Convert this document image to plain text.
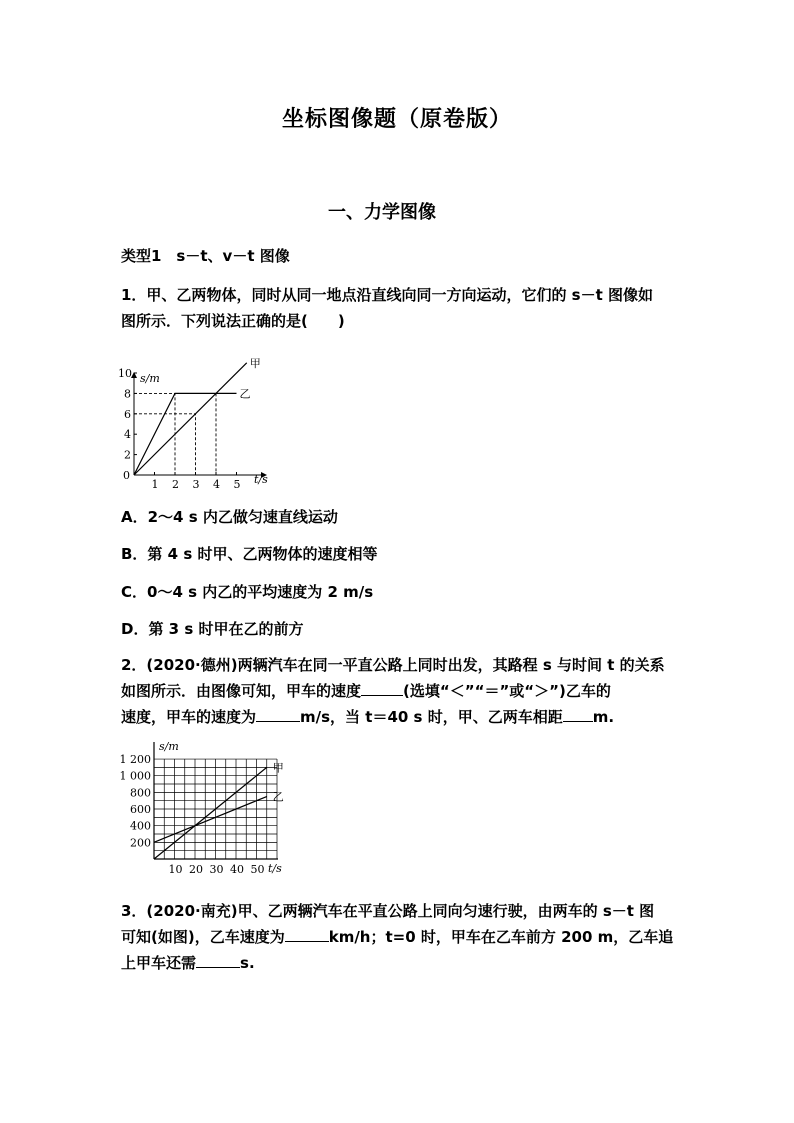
坐标图像题（原卷版）
一、力学图像
类型1　s－t、v－t 图像
1．甲、乙两物体，同时从同一地点沿直线向同一方向运动，它们的 s－t 图像如
图所示．下列说法正确的是(　　)
0
1 2 3 4 5
2
4
6
8
10 s/m
t/s
甲
乙
A．2～4 s 内乙做匀速直线运动
B．第 4 s 时甲、乙两物体的速度相等
C．0～4 s 内乙的平均速度为 2 m/s
D．第 3 s 时甲在乙的前方
2．(2020·德州)两辆汽车在同一平直公路上同时出发，其路程 s 与时间 t 的关系
如图所示．由图像可知，甲车的速度	(选填“＜”“＝”或“＞”)乙车的
速度，甲车的速度为	m/s，当 t＝40 s 时，甲、乙两车相距 m.
10 20 30 40 50
200
400
600
800
1 000
1 200
s/m
t/s
甲
乙
3．(2020·南充)甲、乙两辆汽车在平直公路上同向匀速行驶，由两车的 s－t 图
可知(如图)，乙车速度为	km/h；t=0 时，甲车在乙车前方 200 m，乙车追
上甲车还需	s.
